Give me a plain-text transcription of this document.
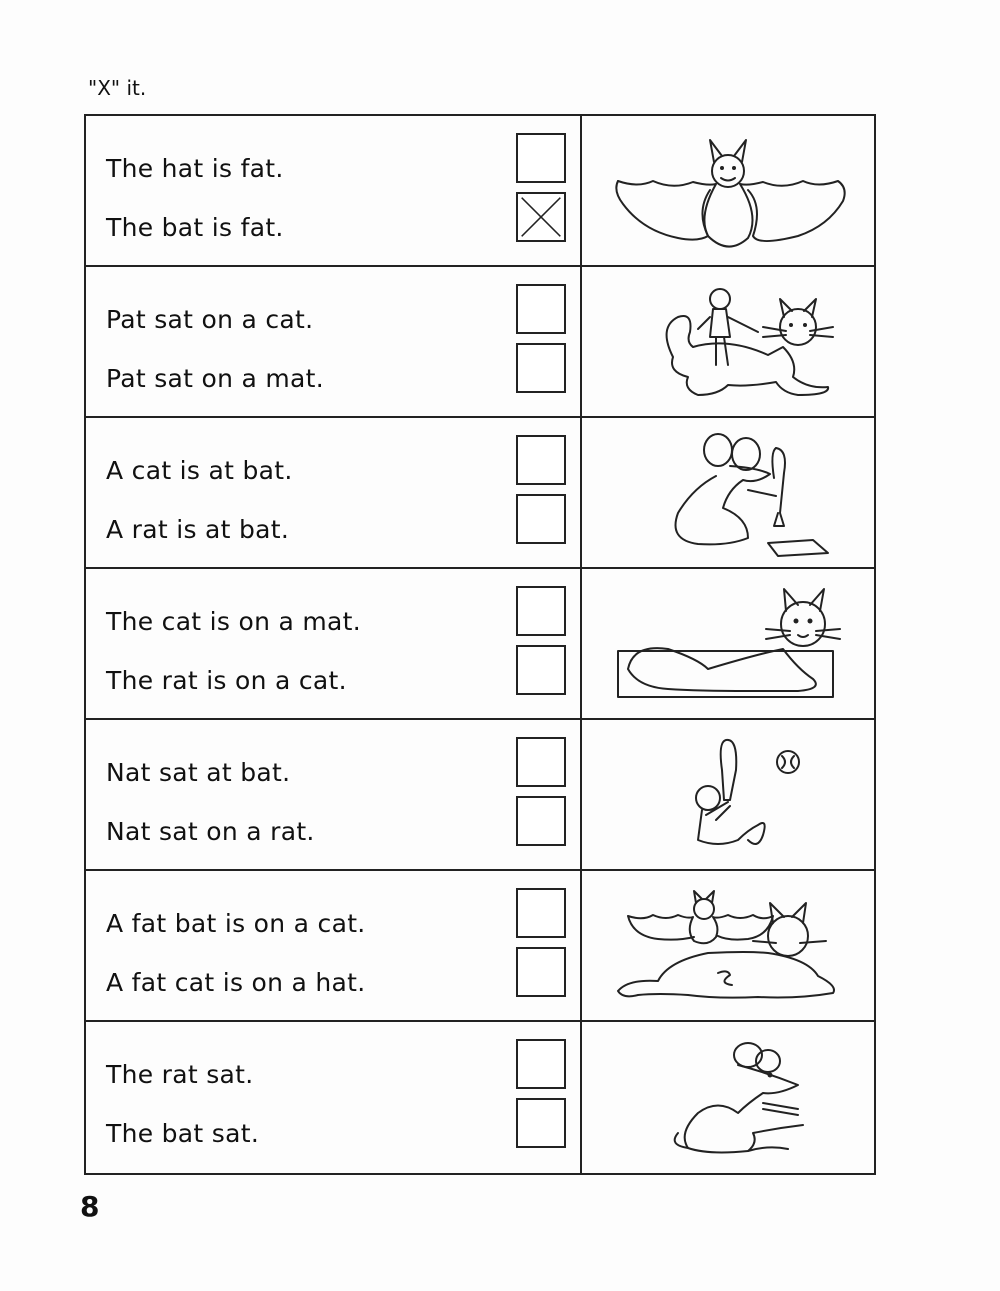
"X" it.
The hat is fat.
The bat is fat.
Pat sat on a cat.
Pat sat on a mat.
A cat is at bat.
A rat is at bat.
The cat is on a mat.
The rat is on a cat.
Nat sat at bat.
Nat sat on a rat.
A fat bat is on a cat.
A fat cat is on a hat.
The rat sat.
The bat sat.
8
